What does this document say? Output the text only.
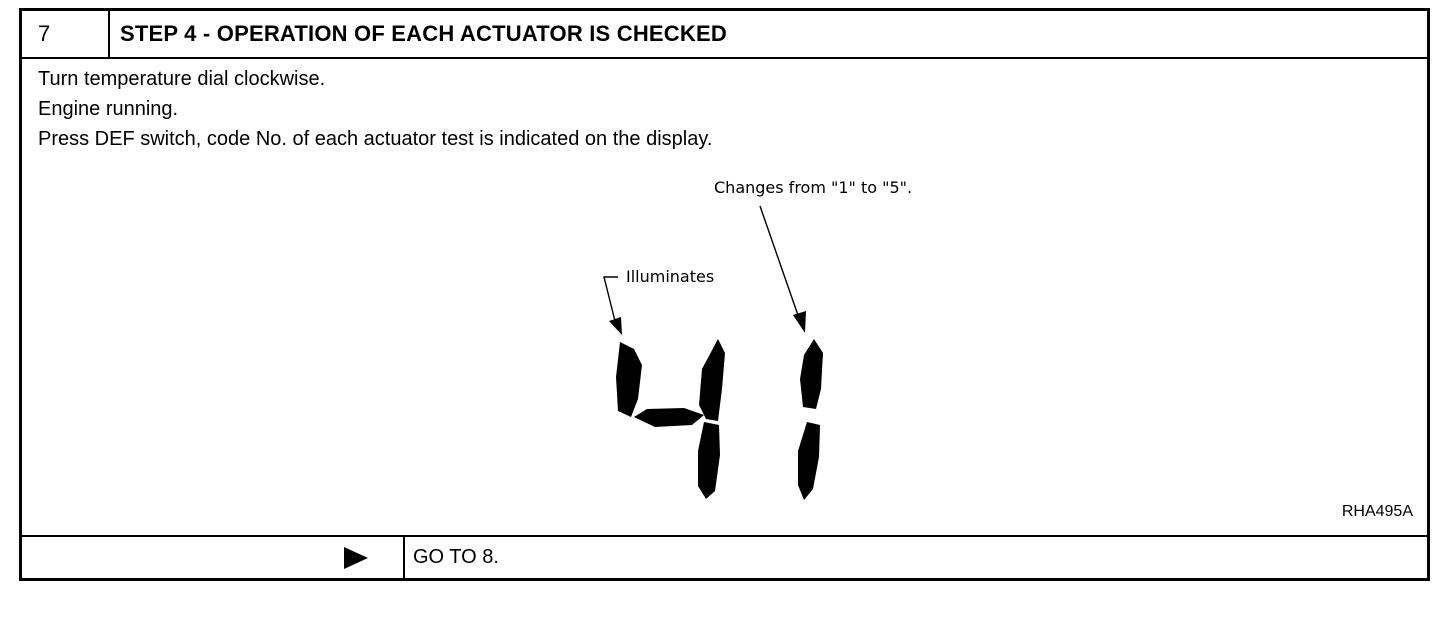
7	STEP 4 - OPERATION OF EACH ACTUATOR IS CHECKED
Turn temperature dial clockwise.
Engine running.
Press DEF switch, code No. of each actuator test is indicated on the display.
Changes from "1" to "5".
Illuminates
RHA495A
GO TO 8.
